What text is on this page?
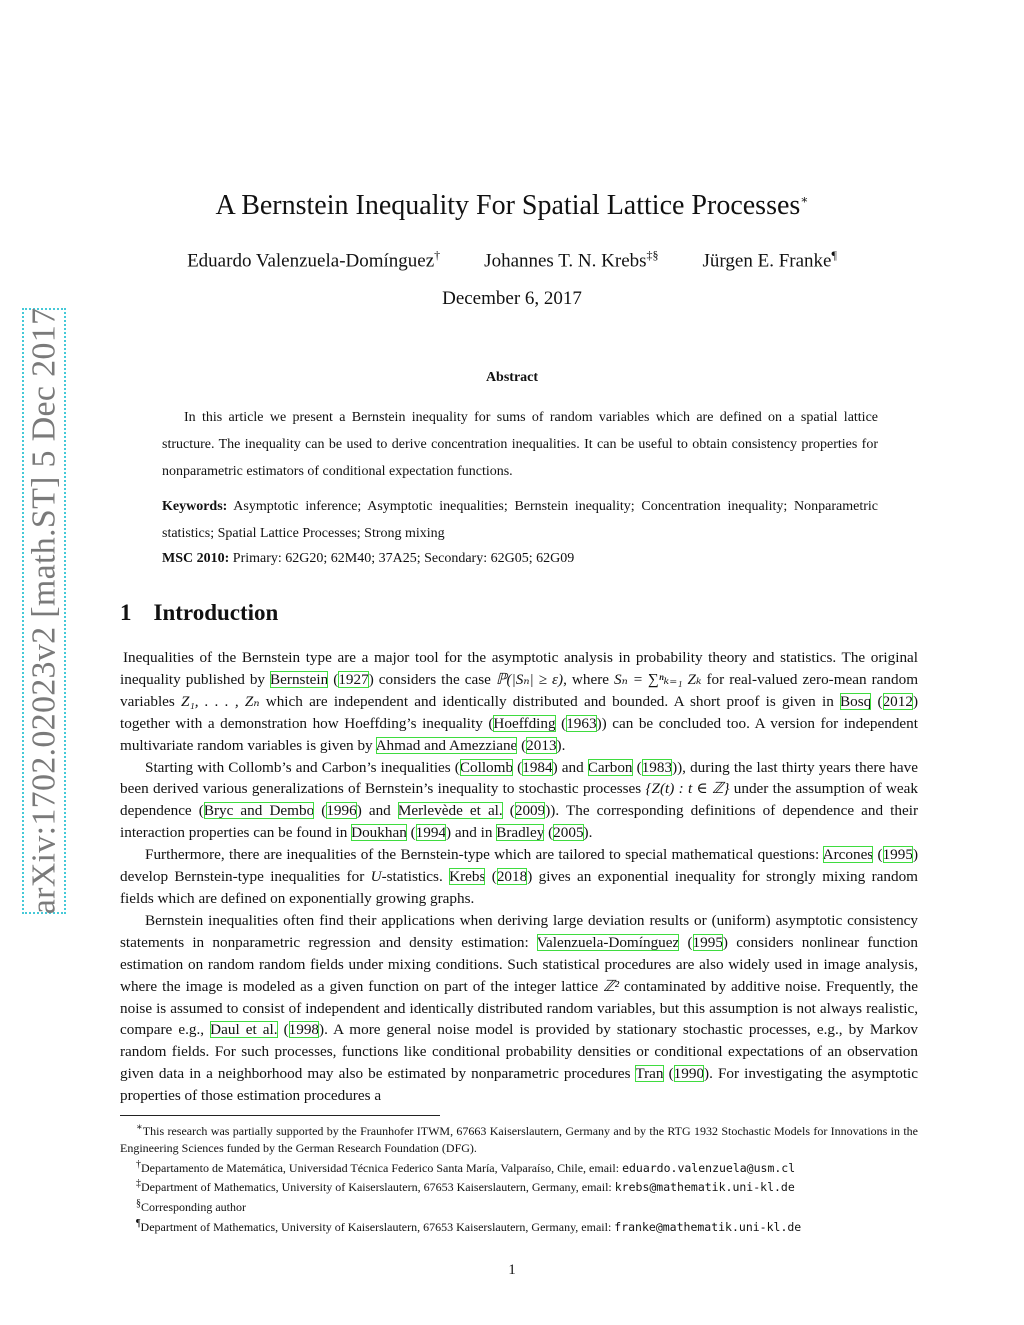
arXiv:1702.02023v2 [math.ST] 5 Dec 2017
A Bernstein Inequality For Spatial Lattice Processes∗
Eduardo Valenzuela-Domínguez† Johannes T. N. Krebs‡§ Jürgen E. Franke¶
December 6, 2017
Abstract
In this article we present a Bernstein inequality for sums of random variables which are defined on a spatial lattice structure. The inequality can be used to derive concentration inequalities. It can be useful to obtain consistency properties for nonparametric estimators of conditional expectation functions.
Keywords: Asymptotic inference; Asymptotic inequalities; Bernstein inequality; Concentration inequality; Nonparametric statistics; Spatial Lattice Processes; Strong mixing
MSC 2010: Primary: 62G20; 62M40; 37A25; Secondary: 62G05; 62G09
1 Introduction

Inequalities of the Bernstein type are a major tool for the asymptotic analysis in probability theory and statistics. The original inequality published by Bernstein (1927) considers the case ℙ(|Sₙ| ≥ ε), where Sₙ = ∑ⁿₖ₌₁ Zₖ for real-valued zero-mean random variables Z₁, . . . , Zₙ which are independent and identically distributed and bounded. A short proof is given in Bosq (2012) together with a demonstration how Hoeffding’s inequality (Hoeffding (1963)) can be concluded too. A version for independent multivariate random variables is given by Ahmad and Amezziane (2013).

Starting with Collomb’s and Carbon’s inequalities (Collomb (1984) and Carbon (1983)), during the last thirty years there have been derived various generalizations of Bernstein’s inequality to stochastic processes {Z(t) : t ∈ ℤ} under the assumption of weak dependence (Bryc and Dembo (1996) and Merlevède et al. (2009)). The corresponding definitions of dependence and their interaction properties can be found in Doukhan (1994) and in Bradley (2005).

Furthermore, there are inequalities of the Bernstein-type which are tailored to special mathematical questions: Arcones (1995) develop Bernstein-type inequalities for U-statistics. Krebs (2018) gives an exponential inequality for strongly mixing random fields which are defined on exponentially growing graphs.

Bernstein inequalities often find their applications when deriving large deviation results or (uniform) asymptotic consistency statements in nonparametric regression and density estimation: Valenzuela-Domínguez (1995) considers nonlinear function estimation on random random fields under mixing conditions. Such statistical procedures are also widely used in image analysis, where the image is modeled as a given function on part of the integer lattice ℤ² contaminated by additive noise. Frequently, the noise is assumed to consist of independent and identically distributed random variables, but this assumption is not always realistic, compare e.g., Daul et al. (1998). A more general noise model is provided by stationary stochastic processes, e.g., by Markov random fields. For such processes, functions like conditional probability densities or conditional expectations of an observation given data in a neighborhood may also be estimated by nonparametric procedures Tran (1990). For investigating the asymptotic properties of those estimation procedures a

∗This research was partially supported by the Fraunhofer ITWM, 67663 Kaiserslautern, Germany and by the RTG 1932 Stochastic Models for Innovations in the Engineering Sciences funded by the German Research Foundation (DFG).
†Departamento de Matemática, Universidad Técnica Federico Santa María, Valparaíso, Chile, email: eduardo.valenzuela@usm.cl
‡Department of Mathematics, University of Kaiserslautern, 67653 Kaiserslautern, Germany, email: krebs@mathematik.uni-kl.de
§Corresponding author
¶Department of Mathematics, University of Kaiserslautern, 67653 Kaiserslautern, Germany, email: franke@mathematik.uni-kl.de
1
